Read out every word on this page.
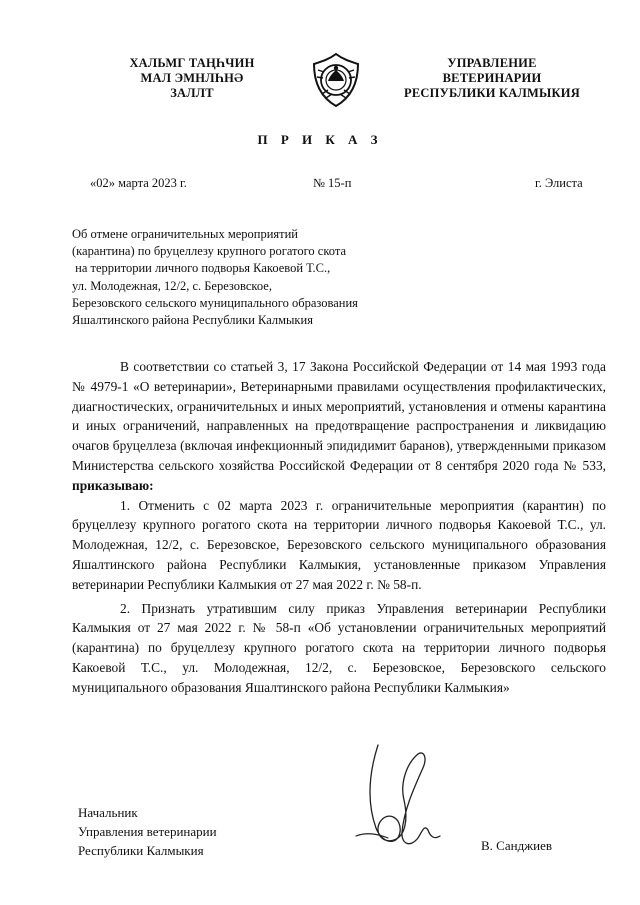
ХАЛЬМГ ТАҢҺЧИН
МАЛ ЭМНЛҺНӘ
ЗАЛЛТ
УПРАВЛЕНИЕ
ВЕТЕРИНАРИИ
РЕСПУБЛИКИ КАЛМЫКИЯ
П Р И К А З
«02» марта 2023 г.	№ 15-п	г. Элиста
Об отмене ограничительных мероприятий
(карантина) по бруцеллезу крупного рогатого скота
на территории личного подворья Какоевой Т.С.,
ул. Молодежная, 12/2, с. Березовское,
Березовского сельского муниципального образования
Яшалтинского района Республики Калмыкия

В соответствии со статьей 3, 17 Закона Российской Федерации от 14 мая 1993 года № 4979-1 «О ветеринарии», Ветеринарными правилами осуществления профилактических, диагностических, ограничительных и иных мероприятий, установления и отмены карантина и иных ограничений, направленных на предотвращение распространения и ликвидацию очагов бруцеллеза (включая инфекционный эпидидимит баранов), утвержденными приказом Министерства сельского хозяйства Российской Федерации от 8 сентября 2020 года № 533, приказываю:

1. Отменить с 02 марта 2023 г. ограничительные мероприятия (карантин) по бруцеллезу крупного рогатого скота на территории личного подворья Какоевой Т.С., ул. Молодежная, 12/2, с. Березовское, Березовского сельского муниципального образования Яшалтинского района Республики Калмыкия, установленные приказом Управления ветеринарии Республики Калмыкия от 27 мая 2022 г. № 58-п.

2. Признать утратившим силу приказ Управления ветеринарии Республики Калмыкия от 27 мая 2022 г. № 58-п «Об установлении ограничительных мероприятий (карантина) по бруцеллезу крупного рогатого скота на территории личного подворья Какоевой Т.С., ул. Молодежная, 12/2, с. Березовское, Березовского сельского муниципального образования Яшалтинского района Республики Калмыкия»

Начальник
Управления ветеринарии
Республики Калмыкия	В. Санджиев
